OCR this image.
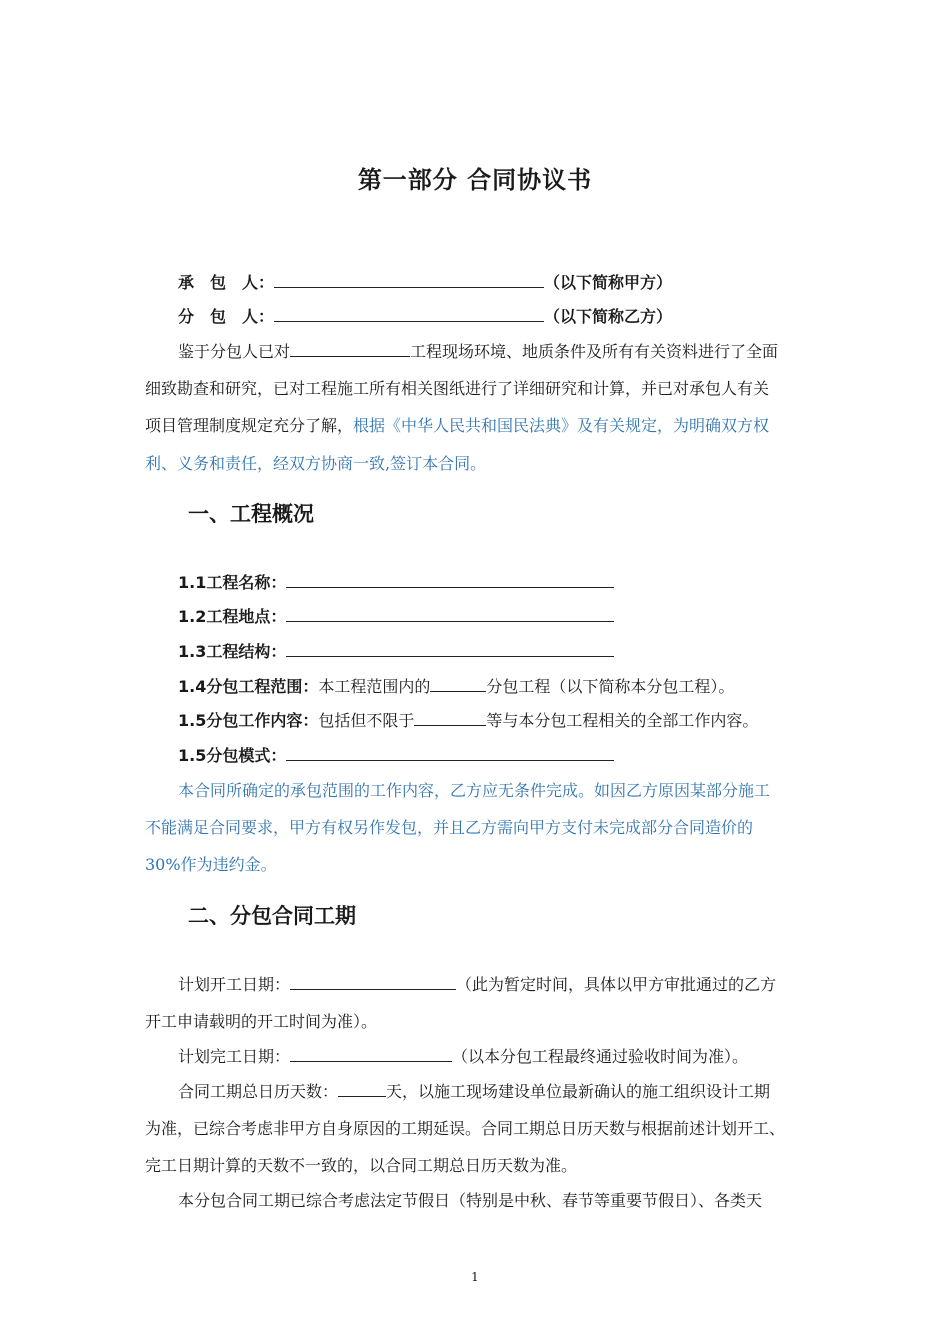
第一部分 合同协议书
承　包　人：	（以下简称甲方）
分　包　人：	（以下简称乙方）
鉴于分包人已对	工程现场环境、地质条件及所有有关资料进行了全面
细致勘查和研究，已对工程施工所有相关图纸进行了详细研究和计算，并已对承包人有关
项目管理制度规定充分了解，根据《中华人民共和国民法典》及有关规定，为明确双方权
利、义务和责任，经双方协商一致,签订本合同。
一、工程概况
1.1工程名称：
1.2工程地点：
1.3工程结构：
1.4分包工程范围：本工程范围内的	分包工程（以下简称本分包工程）。
1.5分包工作内容：包括但不限于	等与本分包工程相关的全部工作内容。
1.5分包模式：
本合同所确定的承包范围的工作内容，乙方应无条件完成。如因乙方原因某部分施工
不能满足合同要求，甲方有权另作发包，并且乙方需向甲方支付未完成部分合同造价的
30%作为违约金。
二、分包合同工期
计划开工日期：	（此为暂定时间，具体以甲方审批通过的乙方
开工申请载明的开工时间为准）。
计划完工日期：	（以本分包工程最终通过验收时间为准）。
合同工期总日历天数：	天，以施工现场建设单位最新确认的施工组织设计工期
为准，已综合考虑非甲方自身原因的工期延误。合同工期总日历天数与根据前述计划开工、
完工日期计算的天数不一致的，以合同工期总日历天数为准。
本分包合同工期已综合考虑法定节假日（特别是中秋、春节等重要节假日）、各类天
1
